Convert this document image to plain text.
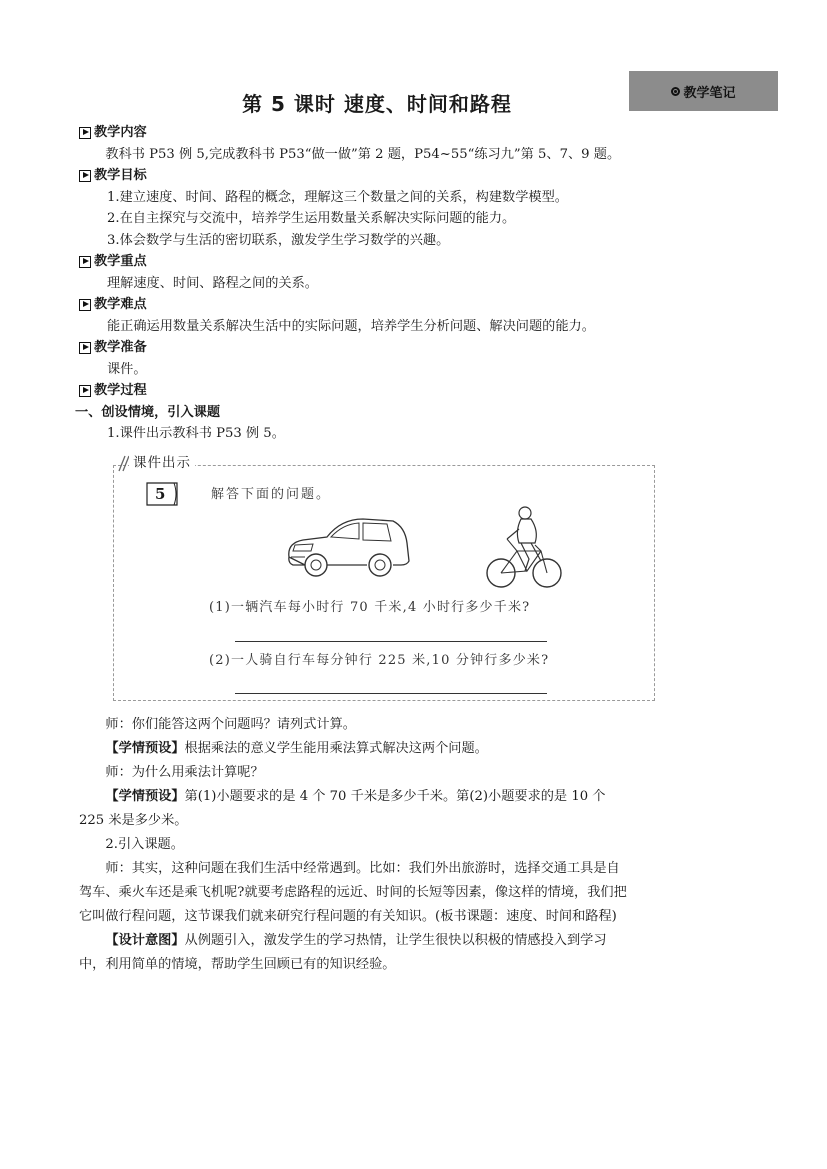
教学笔记
第 5 课时 速度、时间和路程
教学内容

教科书 P53 例 5,完成教科书 P53“做一做”第 2 题，P54~55“练习九”第 5、7、9 题。

教学目标

1.建立速度、时间、路程的概念，理解这三个数量之间的关系，构建数学模型。

2.在自主探究与交流中，培养学生运用数量关系解决实际问题的能力。

3.体会数学与生活的密切联系，激发学生学习数学的兴趣。

教学重点

理解速度、时间、路程之间的关系。

教学难点

能正确运用数量关系解决生活中的实际问题，培养学生分析问题、解决问题的能力。

教学准备

课件。

教学过程

一、创设情境，引入课题

1.课件出示教科书 P53 例 5。

课件出示
5	解答下面的问题。
(1)一辆汽车每小时行 70 千米,4 小时行多少千米?
(2)一人骑自行车每分钟行 225 米,10 分钟行多少米?

师：你们能答这两个问题吗？请列式计算。

【学情预设】根据乘法的意义学生能用乘法算式解决这两个问题。

师：为什么用乘法计算呢？

【学情预设】第(1)小题要求的是 4 个 70 千米是多少千米。第(2)小题要求的是 10 个 225 米是多少米。

2.引入课题。

师：其实，这种问题在我们生活中经常遇到。比如：我们外出旅游时，选择交通工具是自驾车、乘火车还是乘飞机呢?就要考虑路程的远近、时间的长短等因素，像这样的情境，我们把它叫做行程问题，这节课我们就来研究行程问题的有关知识。(板书课题：速度、时间和路程)

【设计意图】从例题引入，激发学生的学习热情，让学生很快以积极的情感投入到学习中，利用简单的情境，帮助学生回顾已有的知识经验。
